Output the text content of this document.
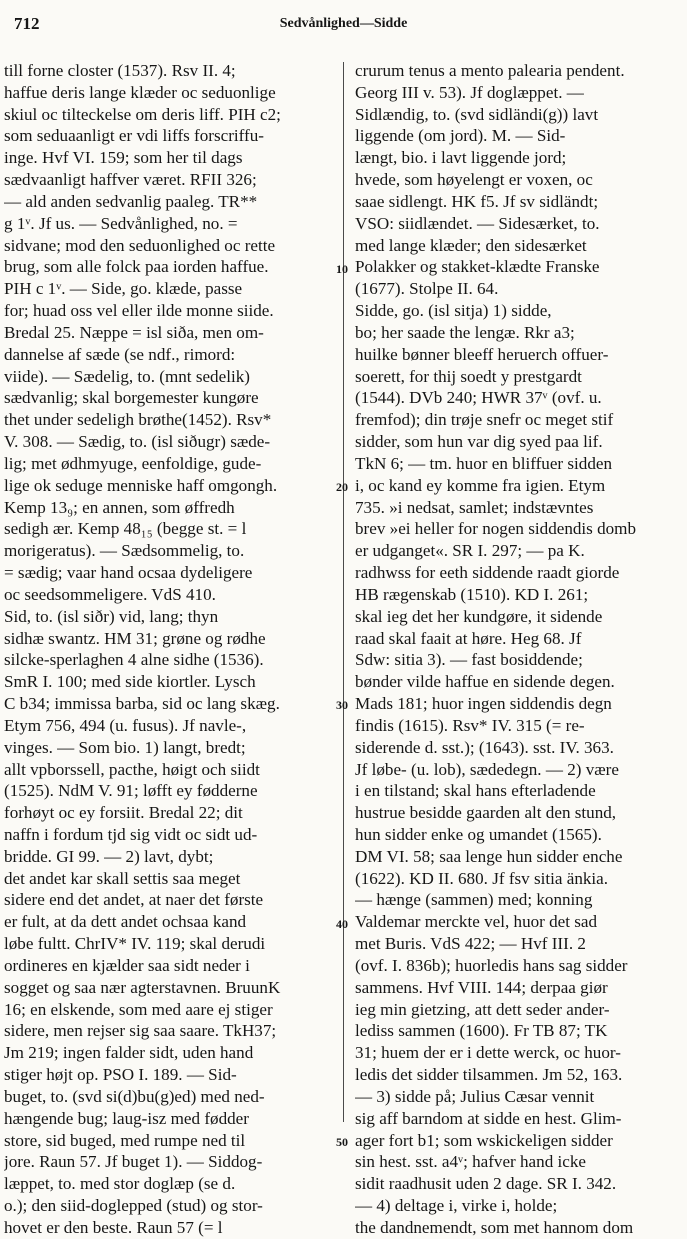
712	Sedvånlighed—Sidde
till forne closter (1537). Rsv II. 4;
haffue deris lange klæder oc seduonlige
skiul oc tilteckelse om deris liff. PIH c2;
som seduaanligt er vdi liffs forscriffu-
inge. Hvf VI. 159; som her til dags
sædvaanligt haffver været. RFII 326;
— ald anden sedvanlig paaleg. TR**
g 1ᵛ. Jf us. — Sedvånlighed, no. =
sidvane; mod den seduonlighed oc rette
brug, som alle folck paa iorden haffue.
PIH c 1ᵛ. — Side, go. klæde, passe
for; huad oss vel eller ilde monne siide.
Bredal 25. Næppe = isl siða, men om-
dannelse af sæde (se ndf., rimord:
viide). — Sædelig, to. (mnt sedelik)
sædvanlig; skal borgemester kungøre
thet under sedeligh brøthe(1452). Rsv*
V. 308. — Sædig, to. (isl siðugr) sæde-
lig; met ødhmyuge, eenfoldige, gude-
lige ok seduge menniske haff omgongh.
Kemp 13₉; en annen, som øffredh
sedigh ær. Kemp 48₁₅ (begge st. = l
morigeratus). — Sædsommelig, to.
= sædig; vaar hand ocsaa dydeligere
oc seedsommeligere. VdS 410.
Sid, to. (isl siðr) vid, lang; thyn
sidhæ swantz. HM 31; grøne og rødhe
silcke-sperlaghen 4 alne sidhe (1536).
SmR I. 100; med side kiortler. Lysch
C b34; immissa barba, sid oc lang skæg.
Etym 756, 494 (u. fusus). Jf navle-,
vinges. — Som bio. 1) langt, bredt;
allt vpborssell, pacthe, høigt och siidt
(1525). NdM V. 91; løfft ey fødderne
forhøyt oc ey forsiit. Bredal 22; dit
naffn i fordum tjd sig vidt oc sidt ud-
bridde. GI 99. — 2) lavt, dybt;
det andet kar skall settis saa meget
sidere end det andet, at naer det første
er fult, at da dett andet ochsaa kand
løbe fultt. ChrIV* IV. 119; skal derudi
ordineres en kjælder saa sidt neder i
sogget og saa nær agterstavnen. BruunK
16; en elskende, som med aare ej stiger
sidere, men rejser sig saa saare. TkH37;
Jm 219; ingen falder sidt, uden hand
stiger højt op. PSO I. 189. — Sid-
buget, to. (svd si(d)bu(g)ed) med ned-
hængende bug; laug-isz med fødder
store, sid buged, med rumpe ned til
jore. Raun 57. Jf buget 1). — Siddog-
læppet, to. med stor doglæp (se d.
o.); den siid-doglepped (stud) og stor-
hovet er den beste. Raun 57 (= l
10
20
30
40
50
crurum tenus a mento palearia pendent.
Georg III v. 53). Jf doglæppet. —
Sidlændig, to. (svd sidländi(g)) lavt
liggende (om jord). M. — Sid-
længt, bio. i lavt liggende jord;
hvede, som høyelengt er voxen, oc
saae sidlengt. HK f5. Jf sv sidländt;
VSO: siidlændet. — Sidesærket, to.
med lange klæder; den sidesærket
Polakker og stakket-klædte Franske
(1677). Stolpe II. 64.
Sidde, go. (isl sitja) 1) sidde,
bo; her saade the lengæ. Rkr a3;
huilke bønner bleeff heruerch offuer-
soerett, for thij soedt y prestgardt
(1544). DVb 240; HWR 37ᵛ (ovf. u.
fremfod); din trøje snefr oc meget stif
sidder, som hun var dig syed paa lif.
TkN 6; — tm. huor en bliffuer sidden
i, oc kand ey komme fra igien. Etym
735. »i nedsat, samlet; indstævntes
brev »ei heller for nogen siddendis domb
er udganget«. SR I. 297; — pa K.
radhwss for eeth siddende raadt giorde
HB rægenskab (1510). KD I. 261;
skal ieg det her kundgøre, it sidende
raad skal faait at høre. Heg 68. Jf
Sdw: sitia 3). — fast bosiddende;
bønder vilde haffue en sidende degen.
Mads 181; huor ingen siddendis degn
findis (1615). Rsv* IV. 315 (= re-
siderende d. sst.); (1643). sst. IV. 363.
Jf løbe- (u. lob), sædedegn. — 2) være
i en tilstand; skal hans efterladende
hustrue besidde gaarden alt den stund,
hun sidder enke og umandet (1565).
DM VI. 58; saa lenge hun sidder enche
(1622). KD II. 680. Jf fsv sitia änkia.
— hænge (sammen) med; konning
Valdemar merckte vel, huor det sad
met Buris. VdS 422; — Hvf III. 2
(ovf. I. 836b); huorledis hans sag sidder
sammens. Hvf VIII. 144; derpaa giør
ieg min gietzing, att dett seder ander-
lediss sammen (1600). Fr TB 87; TK
31; huem der er i dette werck, oc huor-
ledis det sidder tilsammen. Jm 52, 163.
— 3) sidde på; Julius Cæsar vennit
sig aff barndom at sidde en hest. Glim-
ager fort b1; som wskickeligen sidder
sin hest. sst. a4ᵛ; hafver hand icke
sidit raadhusit uden 2 dage. SR I. 342.
— 4) deltage i, virke i, holde;
the dandnemendt, som met hannom dom
